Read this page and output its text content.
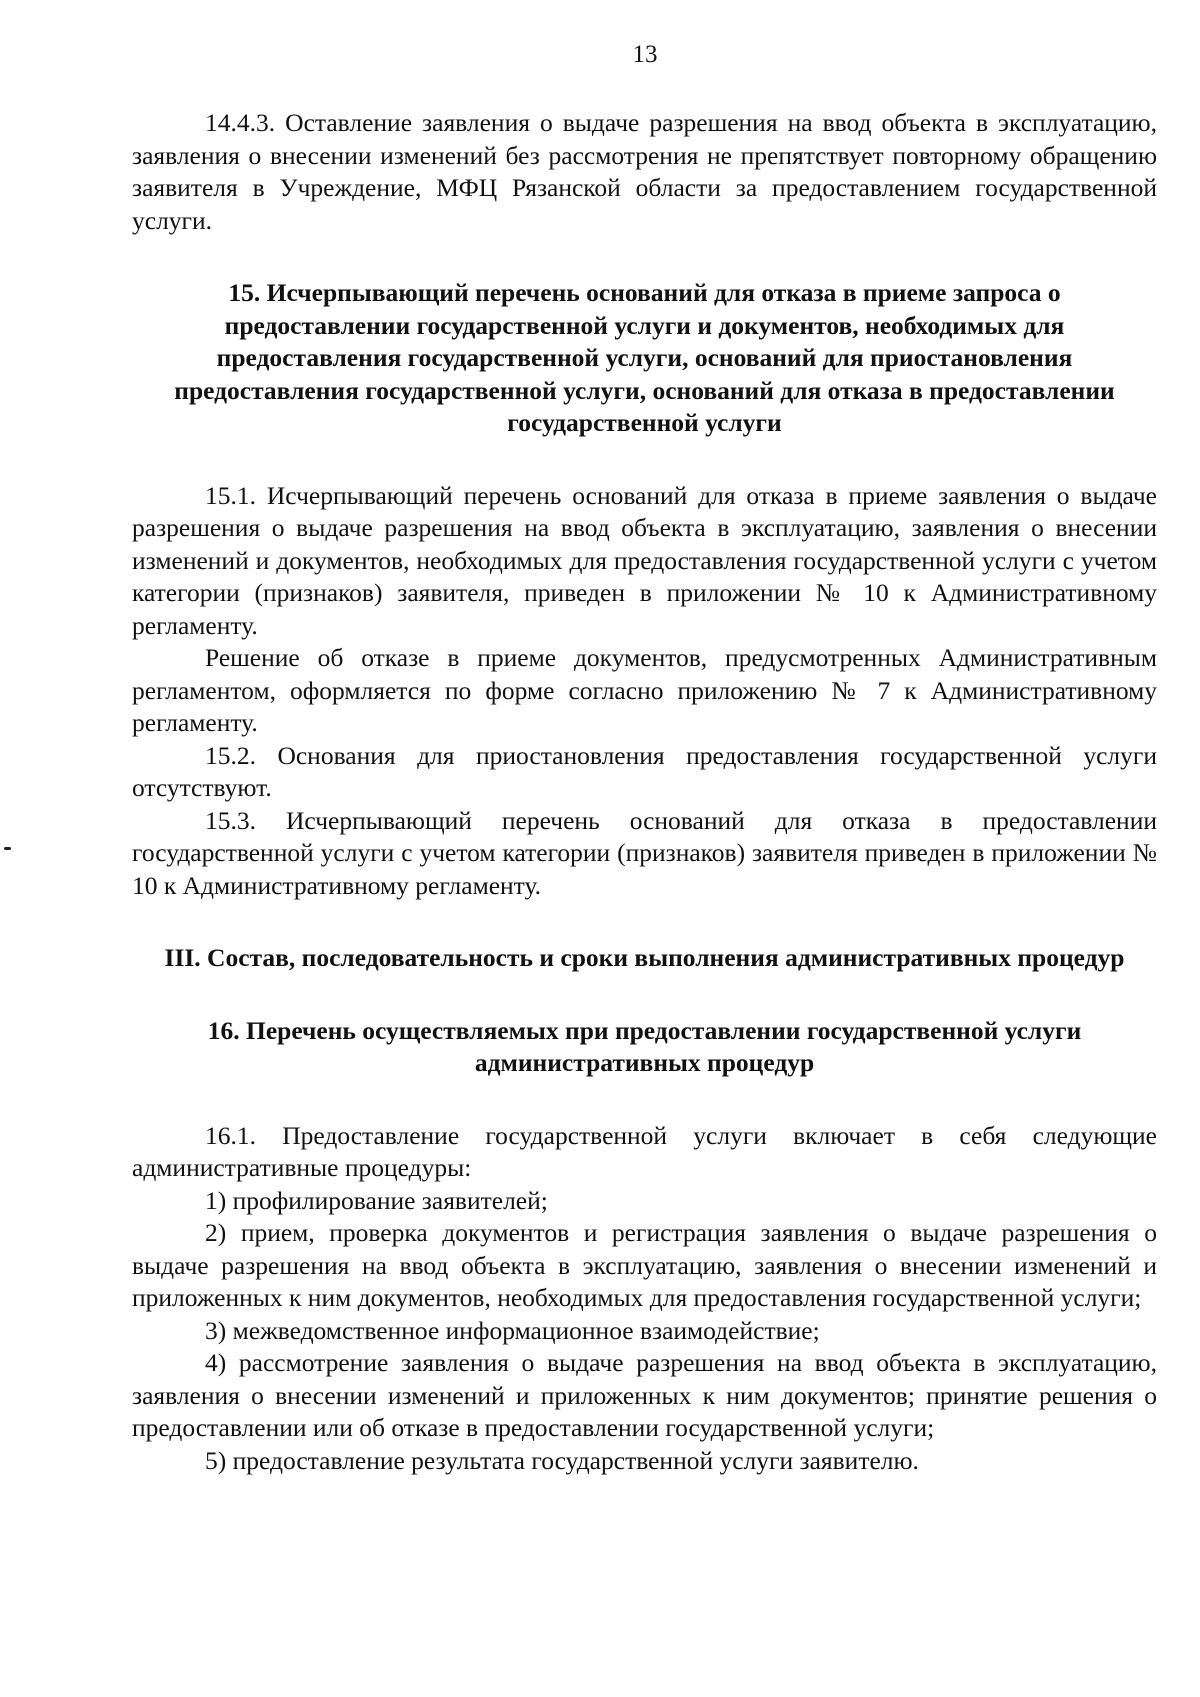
13

14.4.3. Оставление заявления о выдаче разрешения на ввод объекта в эксплуатацию, заявления о внесении изменений без рассмотрения не препятствует повторному обращению заявителя в Учреждение, МФЦ Рязанской области за предоставлением государственной услуги.

15. Исчерпывающий перечень оснований для отказа в приеме запроса о предоставлении государственной услуги и документов, необходимых для предоставления государственной услуги, оснований для приостановления предоставления государственной услуги, оснований для отказа в предоставлении государственной услуги

15.1. Исчерпывающий перечень оснований для отказа в приеме заявления о выдаче разрешения о выдаче разрешения на ввод объекта в эксплуатацию, заявления о внесении изменений и документов, необходимых для предоставления государственной услуги с учетом категории (признаков) заявителя, приведен в приложении № 10 к Административному регламенту.

Решение об отказе в приеме документов, предусмотренных Административным регламентом, оформляется по форме согласно приложению № 7 к Административному регламенту.

15.2. Основания для приостановления предоставления государственной услуги отсутствуют.

15.3. Исчерпывающий перечень оснований для отказа в предоставлении государственной услуги с учетом категории (признаков) заявителя приведен в приложении № 10 к Административному регламенту.

III. Состав, последовательность и сроки выполнения административных процедур

16. Перечень осуществляемых при предоставлении государственной услуги административных процедур

16.1. Предоставление государственной услуги включает в себя следующие административные процедуры:

1) профилирование заявителей;

2) прием, проверка документов и регистрация заявления о выдаче разрешения о выдаче разрешения на ввод объекта в эксплуатацию, заявления о внесении изменений и приложенных к ним документов, необходимых для предоставления государственной услуги;

3) межведомственное информационное взаимодействие;

4) рассмотрение заявления о выдаче разрешения на ввод объекта в эксплуатацию, заявления о внесении изменений и приложенных к ним документов; принятие решения о предоставлении или об отказе в предоставлении государственной услуги;

5) предоставление результата государственной услуги заявителю.
